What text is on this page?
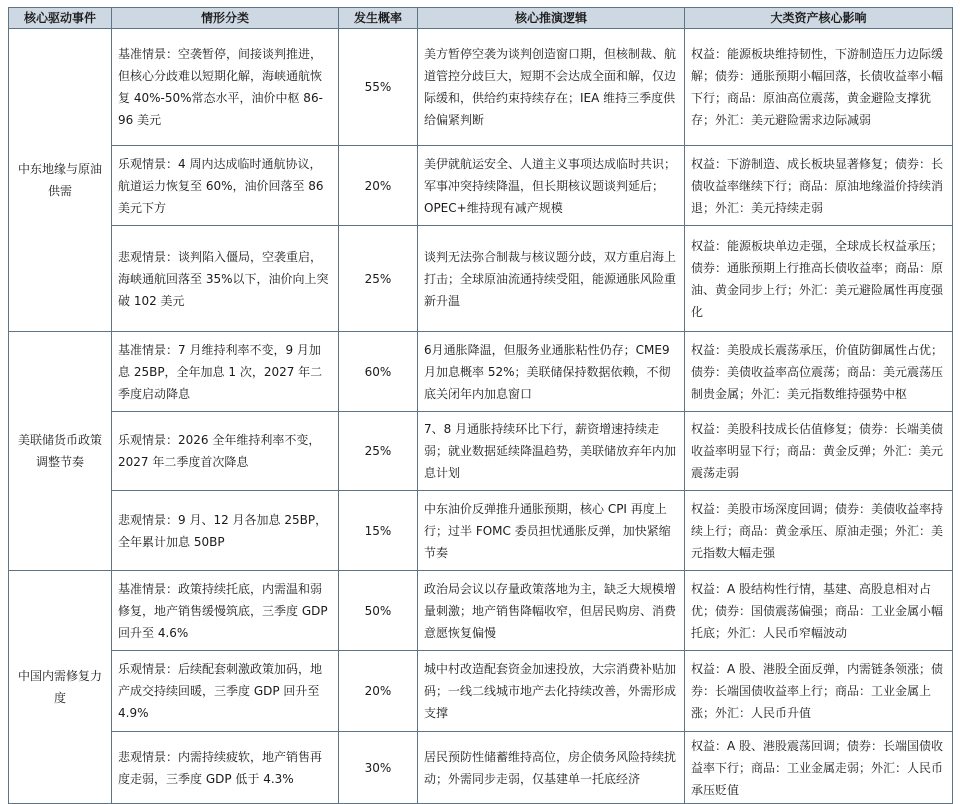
核心驱动事件	情形分类	发生概率	核心推演逻辑	大类资产核心影响
中东地缘与原油供需	基准情景：空袭暂停，间接谈判推进，但核心分歧难以短期化解，海峡通航恢复 40%-50%常态水平，油价中枢 86-96 美元	55%	美方暂停空袭为谈判创造窗口期，但核制裁、航道管控分歧巨大，短期不会达成全面和解，仅边际缓和，供给约束持续存在；IEA 维持三季度供给偏紧判断	权益：能源板块维持韧性，下游制造压力边际缓解；债券：通胀预期小幅回落，长债收益率小幅下行；商品：原油高位震荡，黄金避险支撑犹存；外汇：美元避险需求边际减弱
	乐观情景：4 周内达成临时通航协议，航道运力恢复至 60%，油价回落至 86 美元下方	20%	美伊就航运安全、人道主义事项达成临时共识；军事冲突持续降温，但长期核议题谈判延后；OPEC+维持现有减产规模	权益：下游制造、成长板块显著修复；债券：长债收益率继续下行；商品：原油地缘溢价持续消退；外汇：美元持续走弱
	悲观情景：谈判陷入僵局，空袭重启，海峡通航回落至 35%以下，油价向上突破 102 美元	25%	谈判无法弥合制裁与核议题分歧，双方重启海上打击；全球原油流通持续受阻，能源通胀风险重新升温	权益：能源板块单边走强，全球成长权益承压；债券：通胀预期上行推高长债收益率；商品：原油、黄金同步上行；外汇：美元避险属性再度强化
美联储货币政策调整节奏	基准情景：7 月维持利率不变，9 月加息 25BP，全年加息 1 次，2027 年二季度启动降息	60%	6月通胀降温，但服务业通胀粘性仍存；CME9月加息概率 52%；美联储保持数据依赖，不彻底关闭年内加息窗口	权益：美股成长震荡承压，价值防御属性占优；债券：美债收益率高位震荡；商品：美元震荡压制贵金属；外汇：美元指数维持强势中枢
	乐观情景：2026 全年维持利率不变，2027 年二季度首次降息	25%	7、8 月通胀持续环比下行，薪资增速持续走弱；就业数据延续降温趋势，美联储放弃年内加息计划	权益：美股科技成长估值修复；债券：长端美债收益率明显下行；商品：黄金反弹；外汇：美元震荡走弱
	悲观情景：9 月、12 月各加息 25BP，全年累计加息 50BP	15%	中东油价反弹推升通胀预期，核心 CPI 再度上行；过半 FOMC 委员担忧通胀反弹，加快紧缩节奏	权益：美股市场深度回调；债券：美债收益率持续上行；商品：黄金承压、原油走强；外汇：美元指数大幅走强
中国内需修复力度	基准情景：政策持续托底，内需温和弱修复，地产销售缓慢筑底，三季度 GDP 回升至 4.6%	50%	政治局会议以存量政策落地为主，缺乏大规模增量刺激；地产销售降幅收窄，但居民购房、消费意愿恢复偏慢	权益：A 股结构性行情，基建、高股息相对占优；债券：国债震荡偏强；商品：工业金属小幅托底；外汇：人民币窄幅波动
	乐观情景：后续配套刺激政策加码，地产成交持续回暖，三季度 GDP 回升至 4.9%	20%	城中村改造配套资金加速投放，大宗消费补贴加码；一线二线城市地产去化持续改善，外需形成支撑	权益：A 股、港股全面反弹，内需链条领涨；债券：长端国债收益率上行；商品：工业金属上涨；外汇：人民币升值
	悲观情景：内需持续疲软，地产销售再度走弱，三季度 GDP 低于 4.3%	30%	居民预防性储蓄维持高位，房企债务风险持续扰动；外需同步走弱，仅基建单一托底经济	权益：A 股、港股震荡回调；债券：长端国债收益率下行；商品：工业金属走弱；外汇：人民币承压贬值
